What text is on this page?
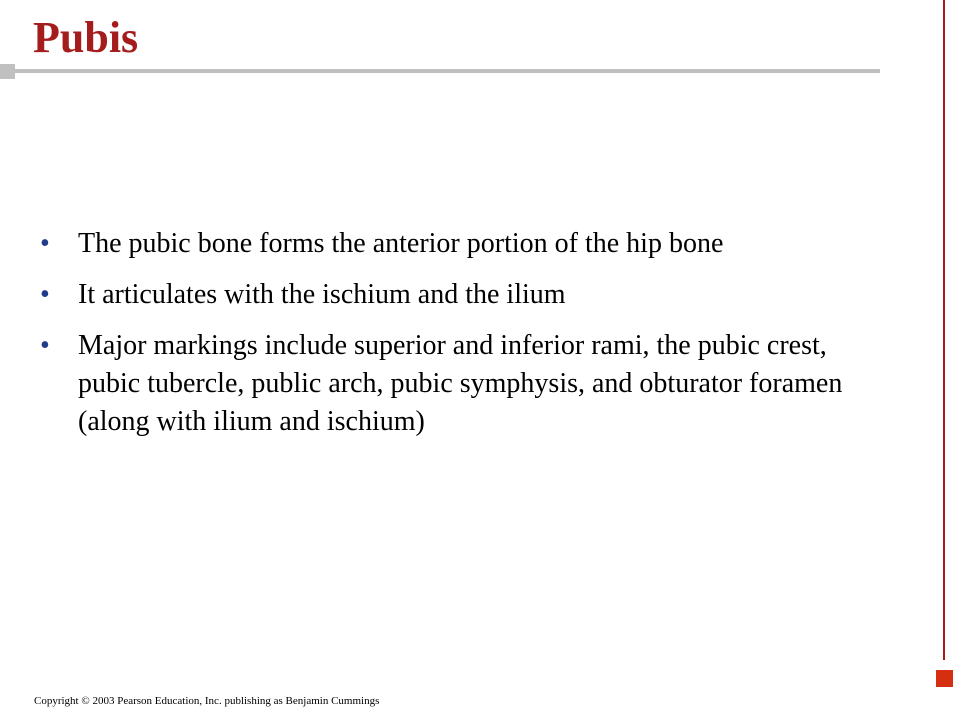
Pubis
• The pubic bone forms the anterior portion of the hip bone
• It articulates with the ischium and the ilium
• Major markings include superior and inferior rami, the pubic crest, pubic tubercle, public arch, pubic symphysis, and obturator foramen (along with ilium and ischium)
Copyright © 2003 Pearson Education, Inc. publishing as Benjamin Cummings
